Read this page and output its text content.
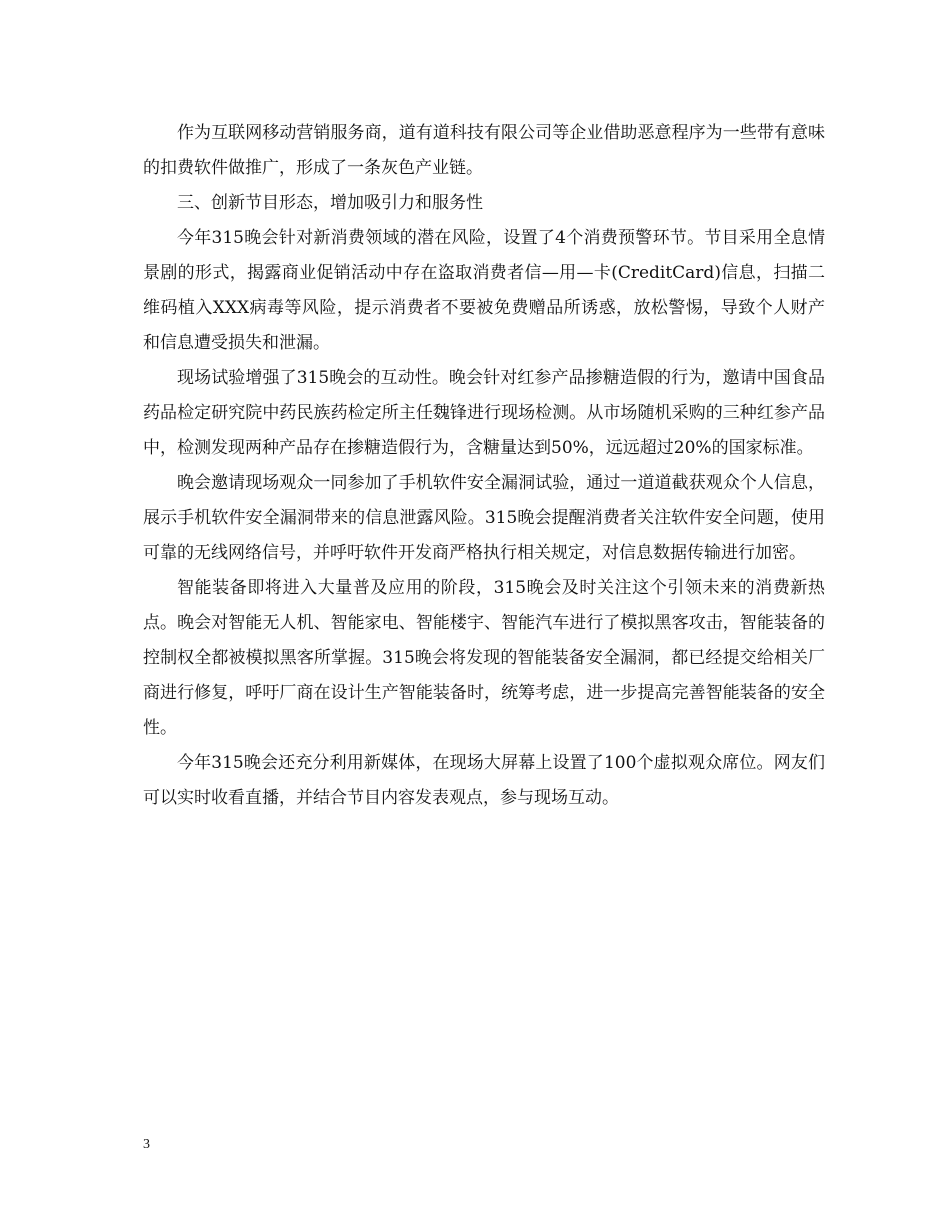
作为互联网移动营销服务商，道有道科技有限公司等企业借助恶意程序为一些带有意味的扣费软件做推广，形成了一条灰色产业链。

三、创新节目形态，增加吸引力和服务性

今年315晚会针对新消费领域的潜在风险，设置了4个消费预警环节。节目采用全息情景剧的形式，揭露商业促销活动中存在盗取消费者信—用—卡(CreditCard)信息，扫描二维码植入XXX病毒等风险，提示消费者不要被免费赠品所诱惑，放松警惕，导致个人财产和信息遭受损失和泄漏。

现场试验增强了315晚会的互动性。晚会针对红参产品掺糖造假的行为，邀请中国食品药品检定研究院中药民族药检定所主任魏锋进行现场检测。从市场随机采购的三种红参产品中，检测发现两种产品存在掺糖造假行为，含糖量达到50%，远远超过20%的国家标准。

晚会邀请现场观众一同参加了手机软件安全漏洞试验，通过一道道截获观众个人信息，展示手机软件安全漏洞带来的信息泄露风险。315晚会提醒消费者关注软件安全问题，使用可靠的无线网络信号，并呼吁软件开发商严格执行相关规定，对信息数据传输进行加密。

智能装备即将进入大量普及应用的阶段，315晚会及时关注这个引领未来的消费新热点。晚会对智能无人机、智能家电、智能楼宇、智能汽车进行了模拟黑客攻击，智能装备的控制权全都被模拟黑客所掌握。315晚会将发现的智能装备安全漏洞，都已经提交给相关厂商进行修复，呼吁厂商在设计生产智能装备时，统筹考虑，进一步提高完善智能装备的安全性。

今年315晚会还充分利用新媒体，在现场大屏幕上设置了100个虚拟观众席位。网友们可以实时收看直播，并结合节目内容发表观点，参与现场互动。

3
